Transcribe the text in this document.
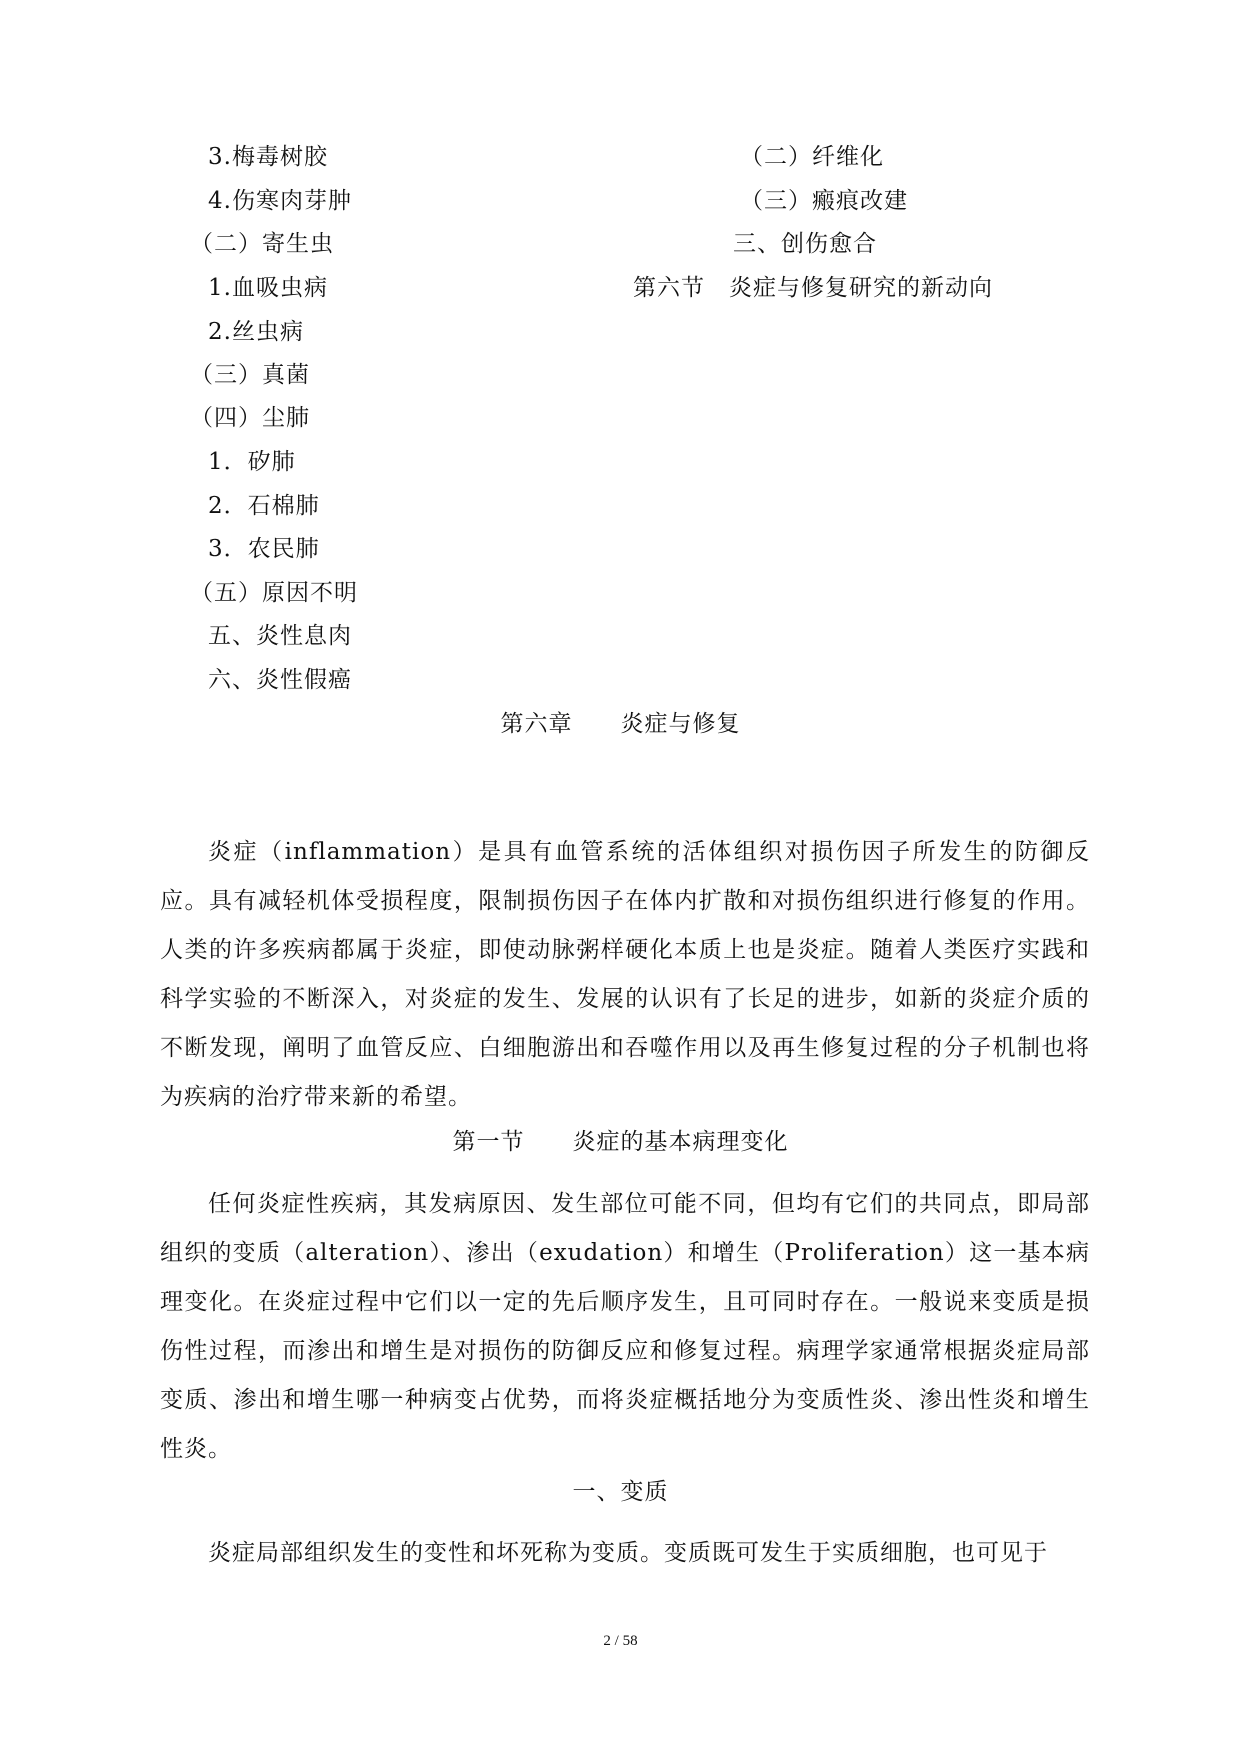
3.梅毒树胶
4.伤寒肉芽肿
（二）寄生虫
1.血吸虫病
2.丝虫病
（三）真菌
（四）尘肺
1．矽肺
2．石棉肺
3．农民肺
（五）原因不明
五、炎性息肉
六、炎性假癌
（二）纤维化
（三）瘢痕改建
三、创伤愈合
第六节　炎症与修复研究的新动向
第六章　　炎症与修复

炎症（inflammation）是具有血管系统的活体组织对损伤因子所发生的防御反应。具有减轻机体受损程度，限制损伤因子在体内扩散和对损伤组织进行修复的作用。人类的许多疾病都属于炎症，即使动脉粥样硬化本质上也是炎症。随着人类医疗实践和科学实验的不断深入，对炎症的发生、发展的认识有了长足的进步，如新的炎症介质的不断发现，阐明了血管反应、白细胞游出和吞噬作用以及再生修复过程的分子机制也将为疾病的治疗带来新的希望。

第一节　　炎症的基本病理变化

任何炎症性疾病，其发病原因、发生部位可能不同，但均有它们的共同点，即局部组织的变质（alteration）、渗出（exudation）和增生（Proliferation）这一基本病理变化。在炎症过程中它们以一定的先后顺序发生，且可同时存在。一般说来变质是损伤性过程，而渗出和增生是对损伤的防御反应和修复过程。病理学家通常根据炎症局部变质、渗出和增生哪一种病变占优势，而将炎症概括地分为变质性炎、渗出性炎和增生性炎。

一、变质

炎症局部组织发生的变性和坏死称为变质。变质既可发生于实质细胞，也可见于

2 / 58
